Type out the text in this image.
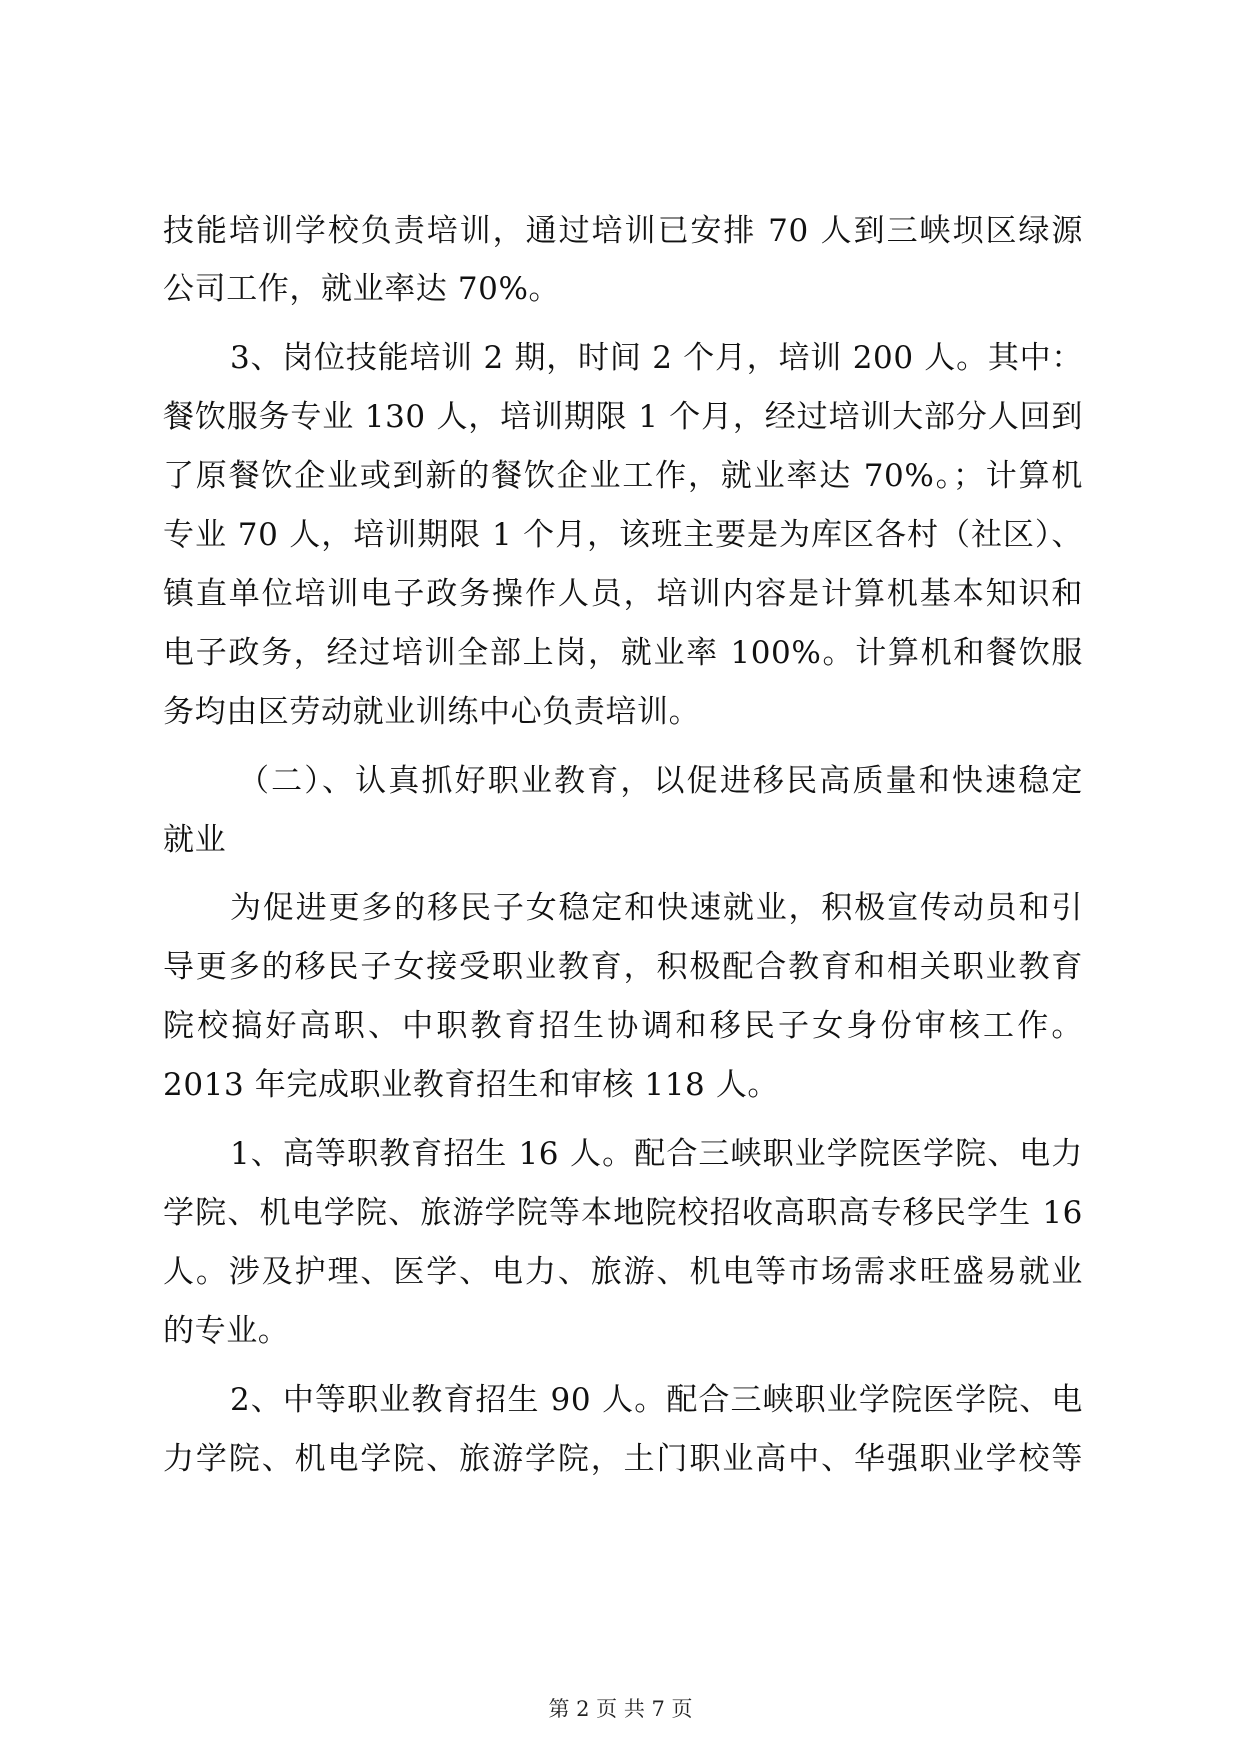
技能培训学校负责培训，通过培训已安排 70 人到三峡坝区绿源
公司工作，就业率达 70%。
3、岗位技能培训 2 期，时间 2 个月，培训 200 人。其中：
餐饮服务专业 130 人，培训期限 1 个月，经过培训大部分人回到
了原餐饮企业或到新的餐饮企业工作，就业率达 70%。；计算机
专业 70 人，培训期限 1 个月，该班主要是为库区各村（社区）、
镇直单位培训电子政务操作人员，培训内容是计算机基本知识和
电子政务，经过培训全部上岗，就业率 100%。计算机和餐饮服
务均由区劳动就业训练中心负责培训。
（二）、认真抓好职业教育，以促进移民高质量和快速稳定
就业
为促进更多的移民子女稳定和快速就业，积极宣传动员和引
导更多的移民子女接受职业教育，积极配合教育和相关职业教育
院校搞好高职、中职教育招生协调和移民子女身份审核工作。
2013 年完成职业教育招生和审核 118 人。
1、高等职教育招生 16 人。配合三峡职业学院医学院、电力
学院、机电学院、旅游学院等本地院校招收高职高专移民学生 16
人。涉及护理、医学、电力、旅游、机电等市场需求旺盛易就业
的专业。
2、中等职业教育招生 90 人。配合三峡职业学院医学院、电
力学院、机电学院、旅游学院，土门职业高中、华强职业学校等
第 2 页 共 7 页
